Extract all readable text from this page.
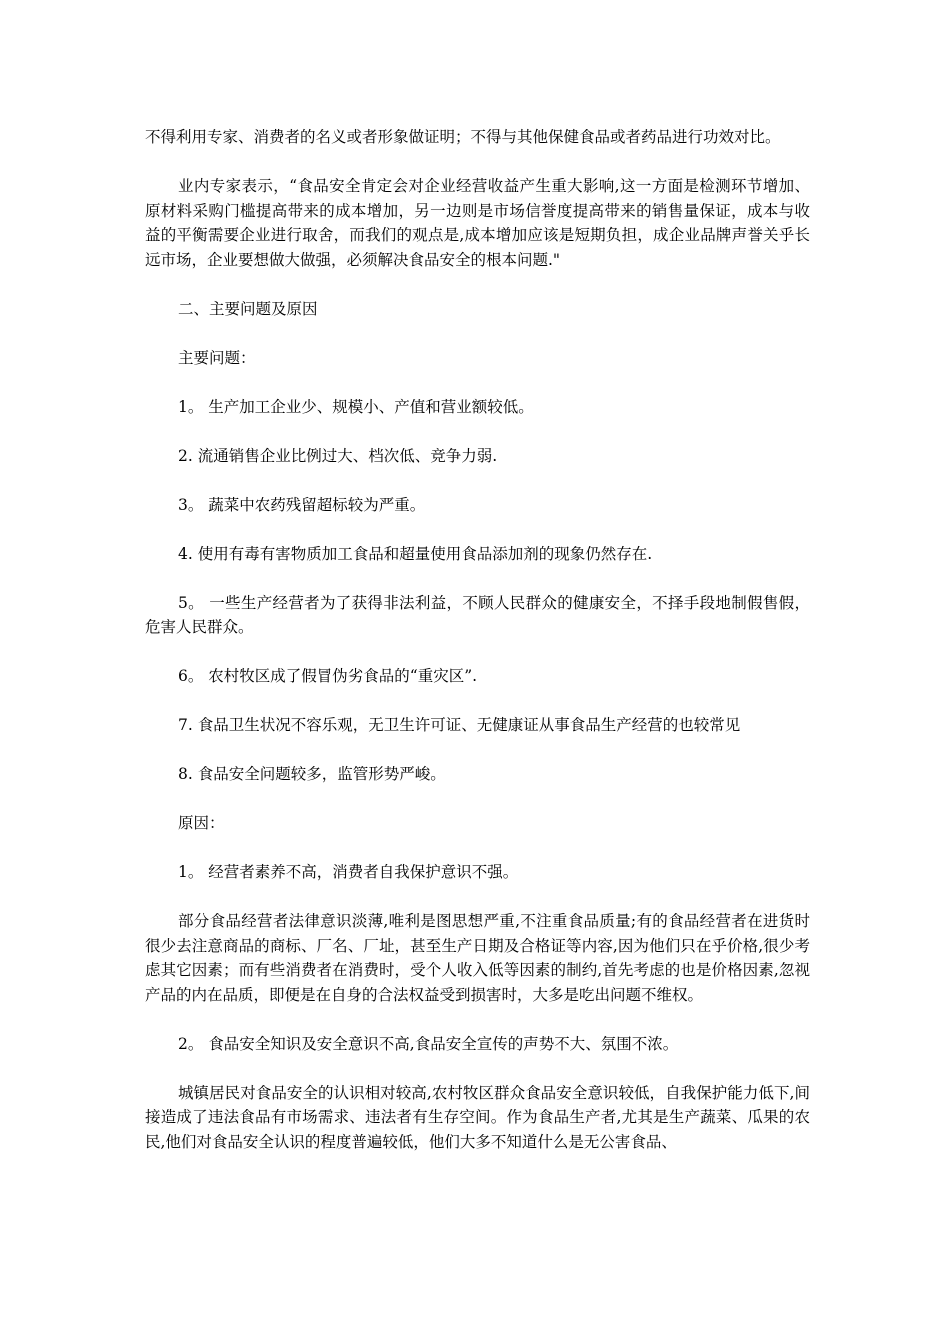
不得利用专家、消费者的名义或者形象做证明；不得与其他保健食品或者药品进行功效对比。

业内专家表示，“食品安全肯定会对企业经营收益产生重大影响,这一方面是检测环节增加、原材料采购门槛提高带来的成本增加，另一边则是市场信誉度提高带来的销售量保证，成本与收益的平衡需要企业进行取舍，而我们的观点是,成本增加应该是短期负担，成企业品牌声誉关乎长远市场，企业要想做大做强，必须解决食品安全的根本问题."

二、主要问题及原因

主要问题：

1。 生产加工企业少、规模小、产值和营业额较低。

2. 流通销售企业比例过大、档次低、竞争力弱.

3。 蔬菜中农药残留超标较为严重。

4. 使用有毒有害物质加工食品和超量使用食品添加剂的现象仍然存在.

5。 一些生产经营者为了获得非法利益，不顾人民群众的健康安全，不择手段地制假售假，危害人民群众。

6。 农村牧区成了假冒伪劣食品的“重灾区”.

7. 食品卫生状况不容乐观，无卫生许可证、无健康证从事食品生产经营的也较常见

8. 食品安全问题较多，监管形势严峻。

原因：

1。 经营者素养不高，消费者自我保护意识不强。

部分食品经营者法律意识淡薄,唯利是图思想严重,不注重食品质量;有的食品经营者在进货时很少去注意商品的商标、厂名、厂址，甚至生产日期及合格证等内容,因为他们只在乎价格,很少考虑其它因素；而有些消费者在消费时，受个人收入低等因素的制约,首先考虑的也是价格因素,忽视产品的内在品质，即便是在自身的合法权益受到损害时，大多是吃出问题不维权。

2。 食品安全知识及安全意识不高,食品安全宣传的声势不大、氛围不浓。

城镇居民对食品安全的认识相对较高,农村牧区群众食品安全意识较低，自我保护能力低下,间接造成了违法食品有市场需求、违法者有生存空间。作为食品生产者,尤其是生产蔬菜、瓜果的农民,他们对食品安全认识的程度普遍较低，他们大多不知道什么是无公害食品、
